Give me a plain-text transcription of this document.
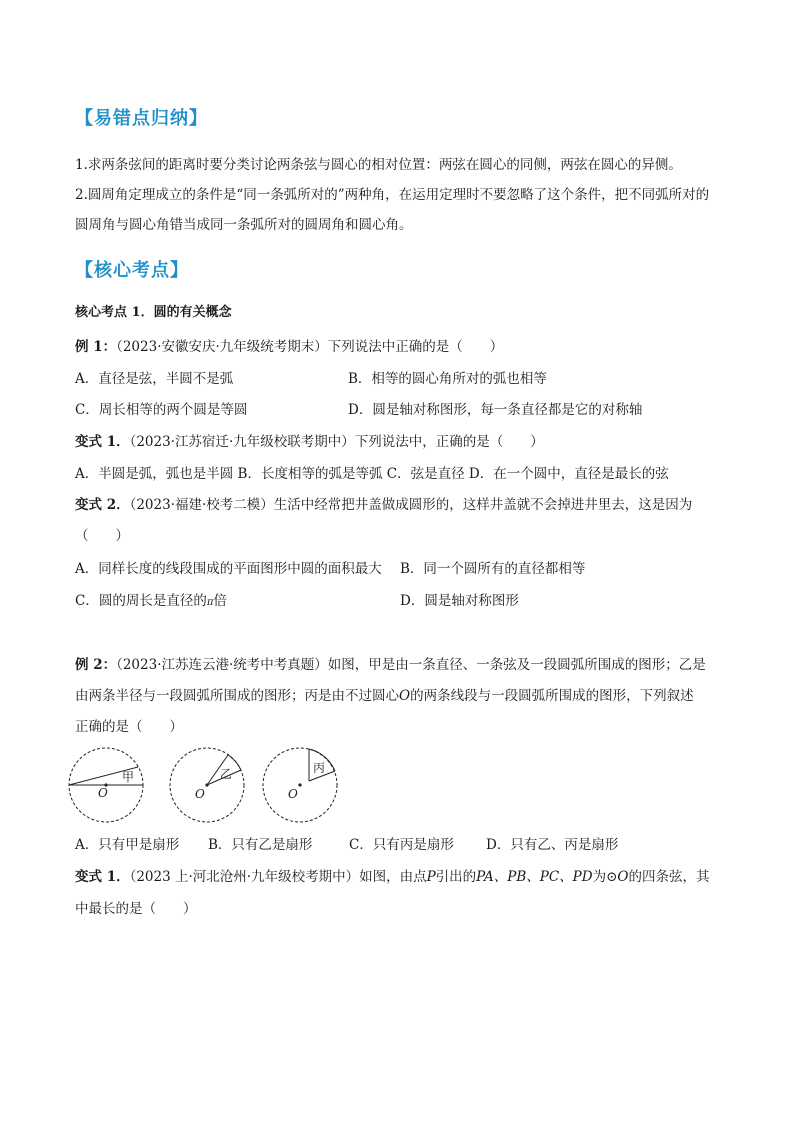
【易错点归纳】
1.求两条弦间的距离时要分类讨论两条弦与圆心的相对位置：两弦在圆心的同侧，两弦在圆心的异侧。
2.圆周角定理成立的条件是“同一条弧所对的”两种角，在运用定理时不要忽略了这个条件，把不同弧所对的
圆周角与圆心角错当成同一条弧所对的圆周角和圆心角。
【核心考点】
核心考点 1．圆的有关概念
例 1：（2023·安徽安庆·九年级统考期末）下列说法中正确的是（　　）
A．直径是弦，半圆不是弧	B．相等的圆心角所对的弧也相等
C．周长相等的两个圆是等圆	D．圆是轴对称图形，每一条直径都是它的对称轴
变式 1．（2023·江苏宿迁·九年级校联考期中）下列说法中，正确的是（　　）
A．半圆是弧，弧也是半圆 B．长度相等的弧是等弧 C．弦是直径 D．在一个圆中，直径是最长的弦
变式 2．（2023·福建·校考二模）生活中经常把井盖做成圆形的，这样井盖就不会掉进井里去，这是因为
（　　）
A．同样长度的线段围成的平面图形中圆的面积最大 B．同一个圆所有的直径都相等
C．圆的周长是直径的π倍	D．圆是轴对称图形
例 2：（2023·江苏连云港·统考中考真题）如图，甲是由一条直径、一条弦及一段圆弧所围成的图形；乙是
由两条半径与一段圆弧所围成的图形；丙是由不过圆心O的两条线段与一段圆弧所围成的图形，下列叙述
正确的是（　　）
甲
O
乙
O
丙
O
A．只有甲是扇形 B．只有乙是扇形	C．只有丙是扇形 D．只有乙、丙是扇形
变式 1．（2023 上·河北沧州·九年级校考期中）如图，由点P引出的PA、PB、PC、PD为⊙O的四条弦，其
中最长的是（　　）
